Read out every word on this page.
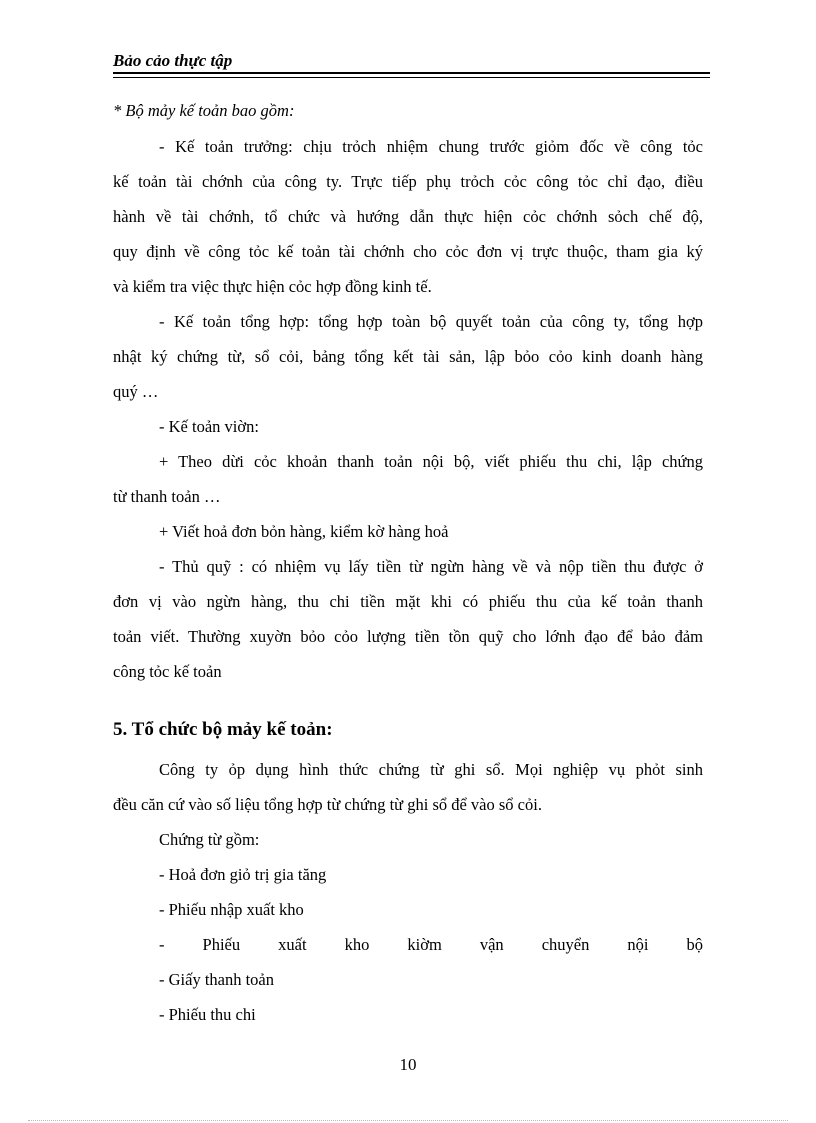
Bảo cảo thực tập
* Bộ mảy kế toản bao gồm:
- Kế toản trưởng: chịu trỏch nhiệm chung trước giỏm đốc về công tỏc
kế toản tài chớnh của công ty. Trực tiếp phụ trỏch cỏc công tỏc chỉ đạo, điều
hành về tài chớnh, tổ chức và hướng dẫn thực hiện cỏc chớnh sỏch chế độ,
quy định về công tỏc kế toản tài chớnh cho cỏc đơn vị trực thuộc, tham gia ký
và kiểm tra việc thực hiện cỏc hợp đồng kinh tế.
- Kế toản tổng hợp: tổng hợp toàn bộ quyết toản của công ty, tổng hợp
nhật ký chứng từ, sổ cỏi, bảng tổng kết tài sản, lập bỏo cỏo kinh doanh hàng
quý …
- Kế toản viờn:
+ Theo dừi cỏc khoản thanh toản nội bộ, viết phiếu thu chi, lập chứng
từ thanh toản …
+ Viết hoả đơn bỏn hàng, kiểm kờ hàng hoả
- Thủ quỹ : có nhiệm vụ lấy tiền từ ngừn hàng về và nộp tiền thu được ở
đơn vị vào ngừn hàng, thu chi tiền mặt khi có phiếu thu của kế toản thanh
toản viết. Thường xuyờn bỏo cỏo lượng tiền tồn quỹ cho lớnh đạo để bảo đảm
công tỏc kế toản
5. Tổ chức bộ mảy kế toản:
Công ty ỏp dụng hình thức chứng từ ghi sổ. Mọi nghiệp vụ phỏt sinh
đều căn cứ vào số liệu tổng hợp từ chứng từ ghi sổ để vào sổ cỏi.
Chứng từ gồm:
- Hoả đơn giỏ trị gia tăng
- Phiếu nhập xuất kho
- Phiếu xuất kho kiờm vận chuyển nội bộ
- Giấy thanh toản
- Phiếu thu chi
10
